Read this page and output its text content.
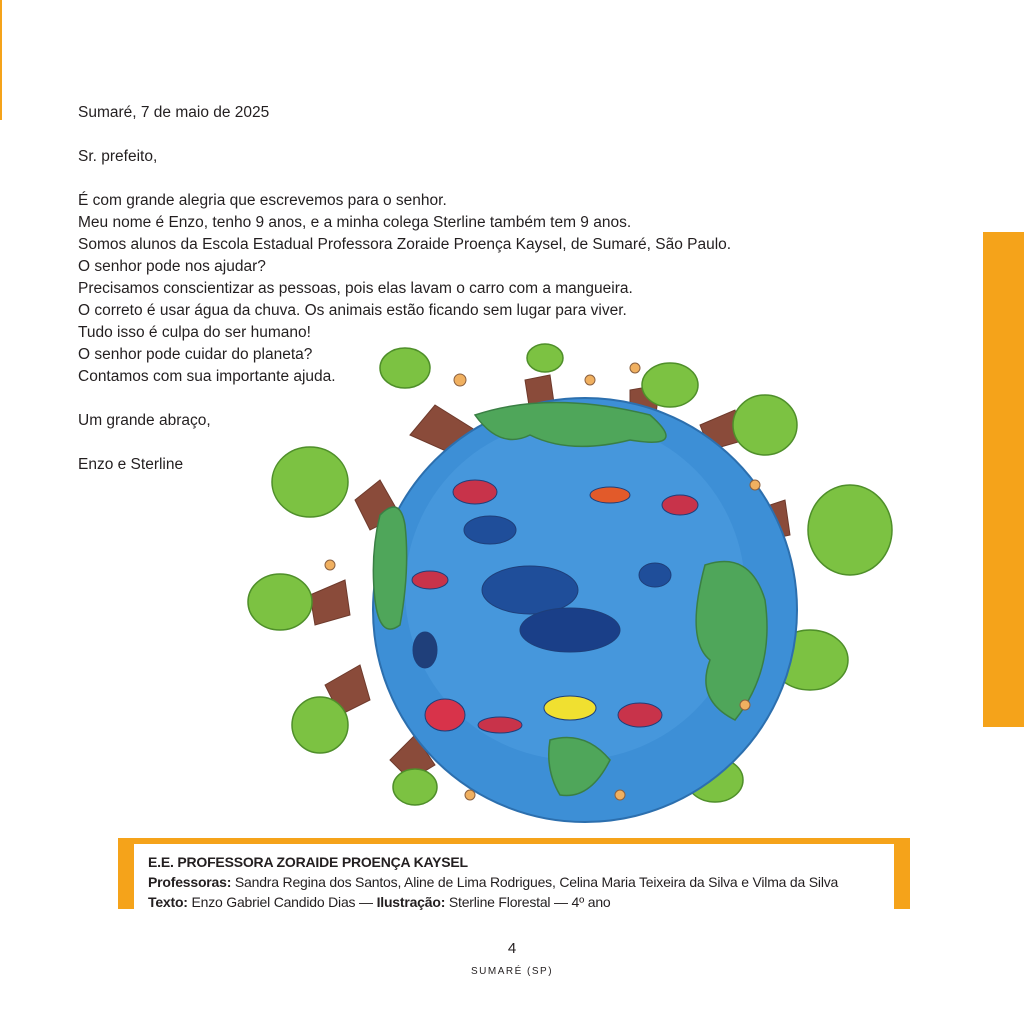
Sumaré, 7 de maio de 2025

Sr. prefeito,

É com grande alegria que escrevemos para o senhor.

Meu nome é Enzo, tenho 9 anos, e a minha colega Sterline também tem 9 anos.

Somos alunos da Escola Estadual Professora Zoraide Proença Kaysel, de Sumaré, São Paulo.

O senhor pode nos ajudar?

Precisamos conscientizar as pessoas, pois elas lavam o carro com a mangueira.

O correto é usar água da chuva. Os animais estão ficando sem lugar para viver.

Tudo isso é culpa do ser humano!

O senhor pode cuidar do planeta?

Contamos com sua importante ajuda.

Um grande abraço,

Enzo e Sterline

E.E. PROFESSORA ZORAIDE PROENÇA KAYSEL
Professoras: Sandra Regina dos Santos, Aline de Lima Rodrigues, Celina Maria Teixeira da Silva e Vilma da Silva
Texto: Enzo Gabriel Candido Dias — Ilustração: Sterline Florestal — 4º ano
4
SUMARÉ (SP)
